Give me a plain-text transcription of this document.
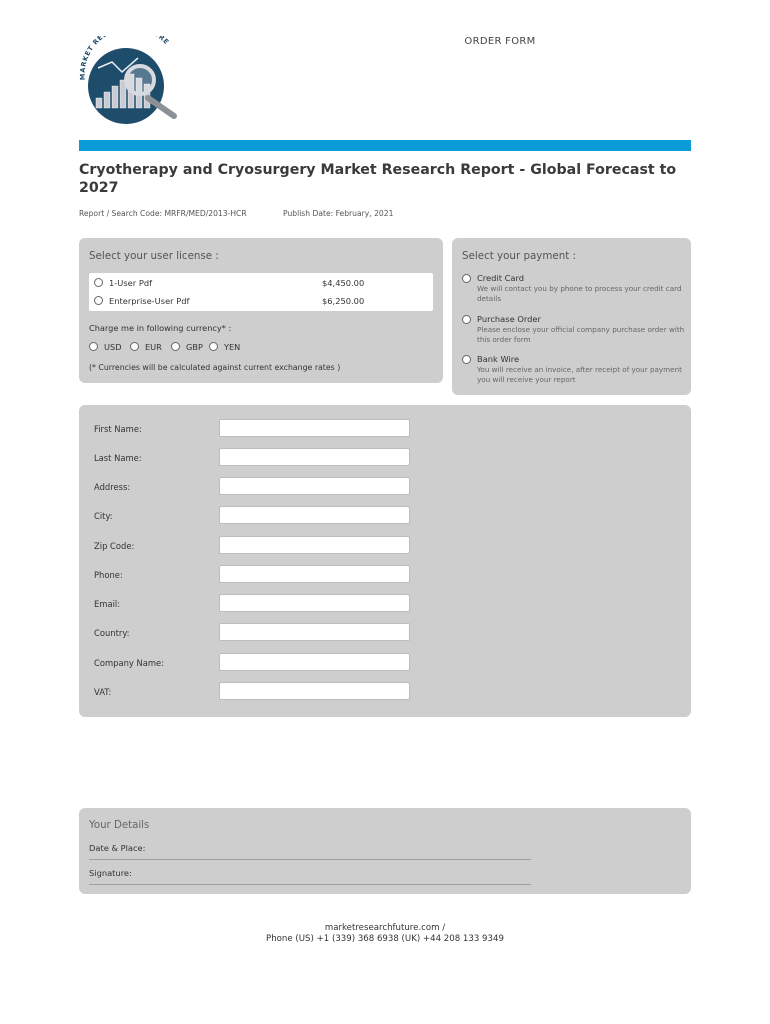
MARKET RE RE	ORDER FORM
Cryotherapy and Cryosurgery Market Research Report - Global Forecast to 2027
Report / Search Code: MRFR/MED/2013-HCR	Publish Date: February, 2021
Select your user license :
1-User Pdf	$4,450.00
Enterprise-User Pdf	$6,250.00
Charge me in following currency* :
USD	EUR	GBP	YEN
(* Currencies will be calculated against current exchange rates )
Select your payment :
Credit Card
We will contact you by phone to process your credit card details
Purchase Order
Please enclose your official company purchase order with this order form
Bank Wire
You will receive an invoice, after receipt of your payment you will receive your report
First Name:
Last Name:
Address:
City:
Zip Code:
Phone:
Email:
Country:
Company Name:
VAT:
Your Details
Date & Place:
Signature:
marketresearchfuture.com /
Phone (US) +1 (339) 368 6938 (UK) +44 208 133 9349
